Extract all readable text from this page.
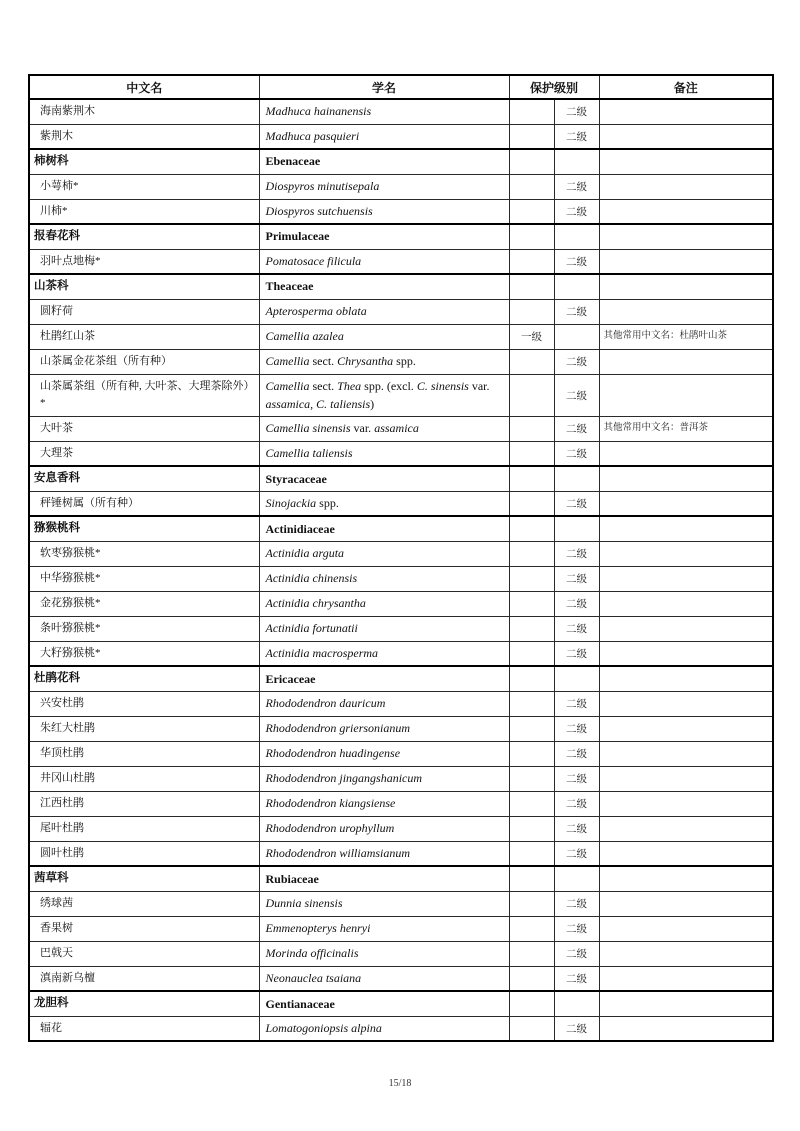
中文名	学名	保护级别		备注
海南紫荆木	Madhuca hainanensis		二级	
紫荆木	Madhuca pasquieri		二级	
柿树科	Ebenaceae			
小萼柿*	Diospyros minutisepala		二级	
川柿*	Diospyros sutchuensis		二级	
报春花科	Primulaceae			
羽叶点地梅*	Pomatosace filicula		二级	
山茶科	Theaceae			
圆籽荷	Apterosperma oblata		二级	
杜鹃红山茶	Camellia azalea	一级		其他常用中文名：杜鹃叶山茶
山茶属金花茶组（所有种）	Camellia sect. Chrysantha spp.		二级	
山茶属茶组（所有种, 大叶茶、大理茶除外）*	Camellia sect. Thea spp. (excl. C. sinensis var. assamica, C. taliensis)		二级	
大叶茶	Camellia sinensis var. assamica		二级	其他常用中文名：普洱茶
大理茶	Camellia taliensis		二级	
安息香科	Styracaceae			
秤锤树属（所有种）	Sinojackia spp.		二级	
猕猴桃科	Actinidiaceae			
软枣猕猴桃*	Actinidia arguta		二级	
中华猕猴桃*	Actinidia chinensis		二级	
金花猕猴桃*	Actinidia chrysantha		二级	
条叶猕猴桃*	Actinidia fortunatii		二级	
大籽猕猴桃*	Actinidia macrosperma		二级	
杜鹃花科	Ericaceae			
兴安杜鹃	Rhododendron dauricum		二级	
朱红大杜鹃	Rhododendron griersonianum		二级	
华顶杜鹃	Rhododendron huadingense		二级	
井冈山杜鹃	Rhododendron jingangshanicum		二级	
江西杜鹃	Rhododendron kiangsiense		二级	
尾叶杜鹃	Rhododendron urophyllum		二级	
圆叶杜鹃	Rhododendron williamsianum		二级	
茜草科	Rubiaceae			
绣球茜	Dunnia sinensis		二级	
香果树	Emmenopterys henryi		二级	
巴戟天	Morinda officinalis		二级	
滇南新乌檀	Neonauclea tsaiana		二级	
龙胆科	Gentianaceae			
辐花	Lomatogoniopsis alpina		二级	
15/18
